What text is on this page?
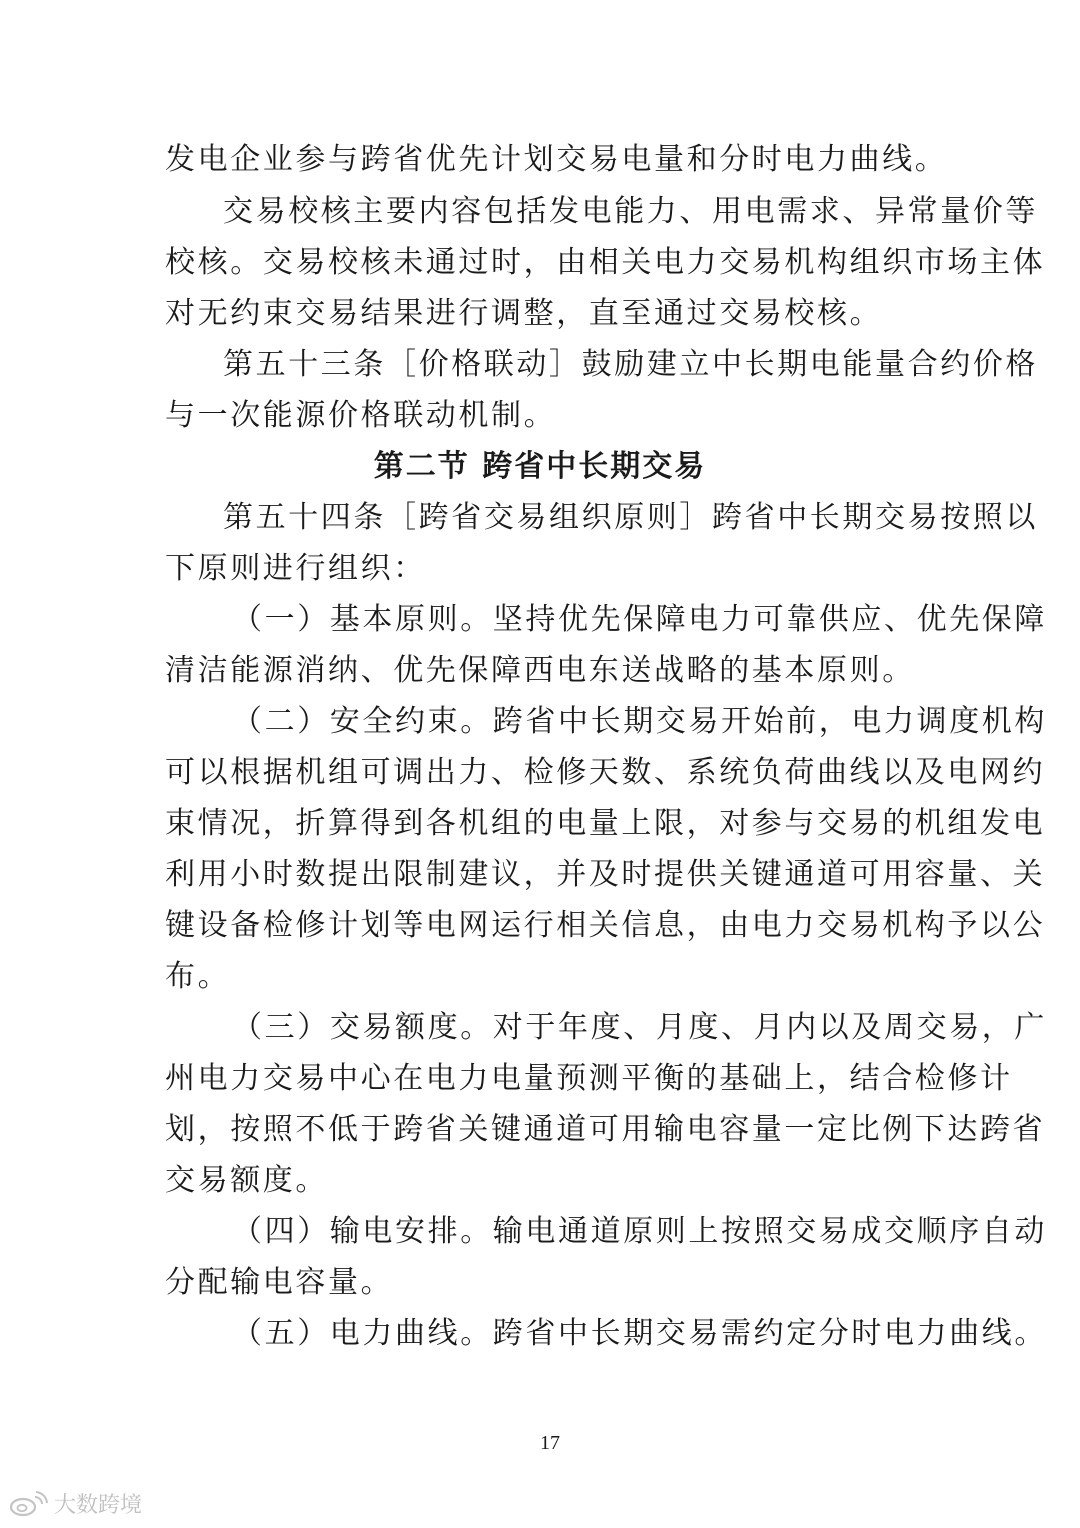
发电企业参与跨省优先计划交易电量和分时电力曲线。
交易校核主要内容包括发电能力、用电需求、异常量价等
校核。交易校核未通过时，由相关电力交易机构组织市场主体
对无约束交易结果进行调整，直至通过交易校核。
第五十三条［价格联动］鼓励建立中长期电能量合约价格
与一次能源价格联动机制。
第二节 跨省中长期交易
第五十四条［跨省交易组织原则］跨省中长期交易按照以
下原则进行组织：
（一）基本原则。坚持优先保障电力可靠供应、优先保障
清洁能源消纳、优先保障西电东送战略的基本原则。
（二）安全约束。跨省中长期交易开始前，电力调度机构
可以根据机组可调出力、检修天数、系统负荷曲线以及电网约
束情况，折算得到各机组的电量上限，对参与交易的机组发电
利用小时数提出限制建议，并及时提供关键通道可用容量、关
键设备检修计划等电网运行相关信息，由电力交易机构予以公
布。
（三）交易额度。对于年度、月度、月内以及周交易，广
州电力交易中心在电力电量预测平衡的基础上，结合检修计
划，按照不低于跨省关键通道可用输电容量一定比例下达跨省
交易额度。
（四）输电安排。输电通道原则上按照交易成交顺序自动
分配输电容量。
（五）电力曲线。跨省中长期交易需约定分时电力曲线。
17
大数跨境
